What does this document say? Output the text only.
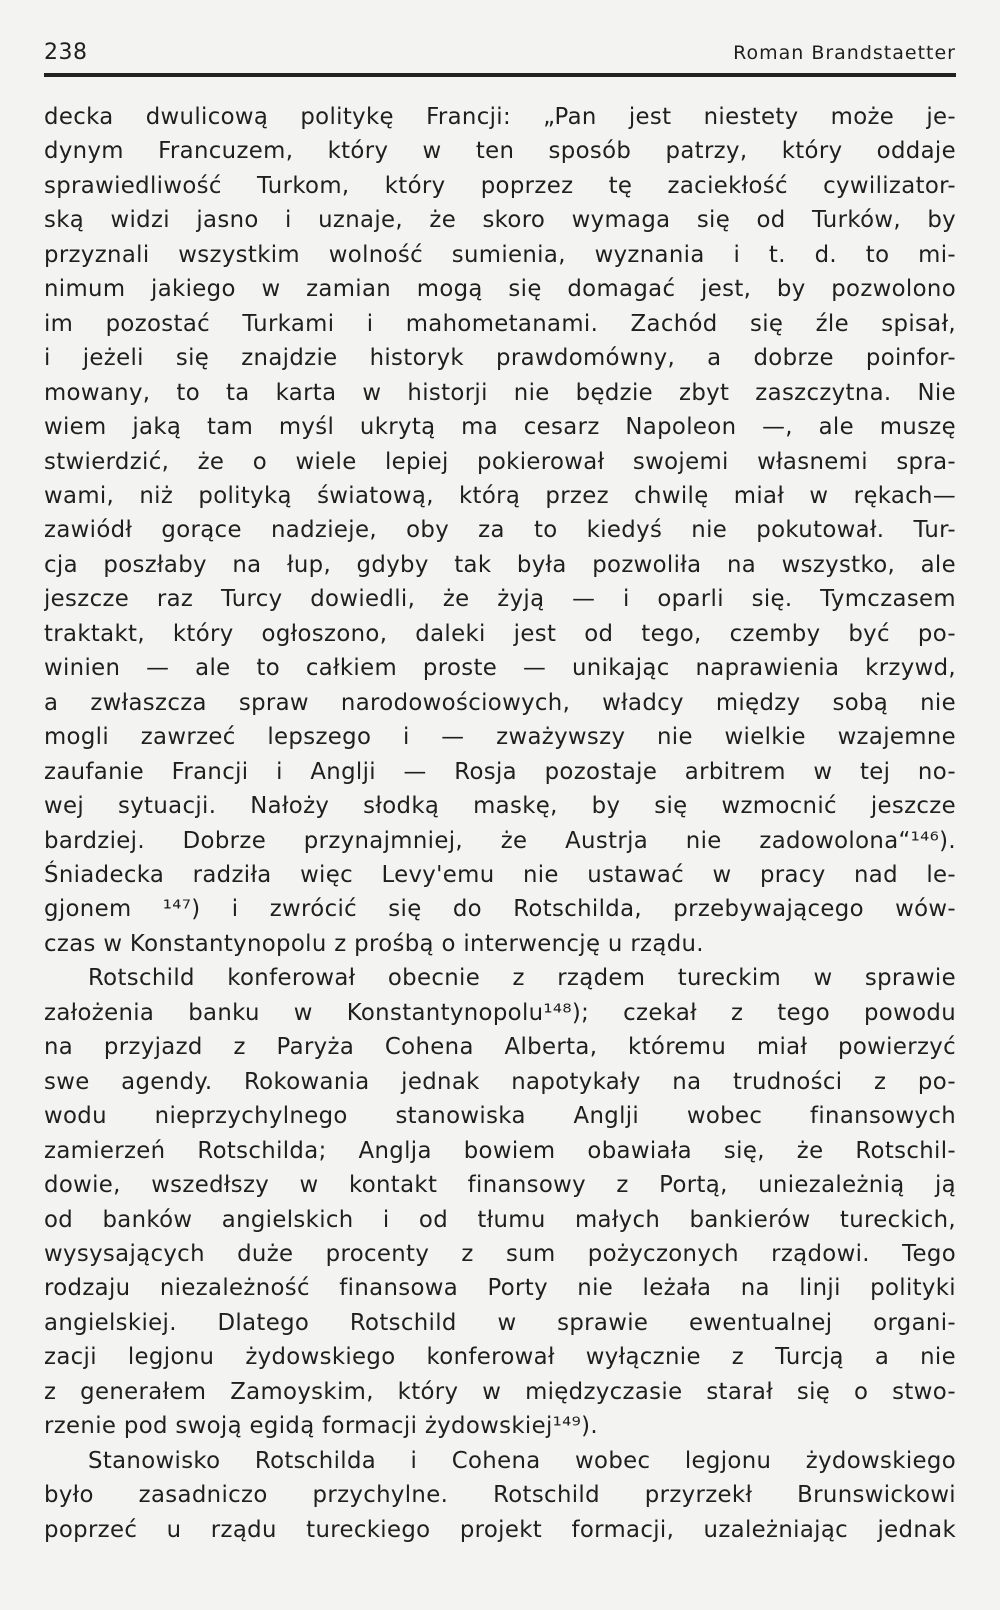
238	Roman Brandstaetter
decka dwulicową politykę Francji: „Pan jest niestety może je-
dynym Francuzem, który w ten sposób patrzy, który oddaje
sprawiedliwość Turkom, który poprzez tę zaciekłość cywilizator-
ską widzi jasno i uznaje, że skoro wymaga się od Turków, by
przyznali wszystkim wolność sumienia, wyznania i t. d. to mi-
nimum jakiego w zamian mogą się domagać jest, by pozwolono
im pozostać Turkami i mahometanami. Zachód się źle spisał,
i jeżeli się znajdzie historyk prawdomówny, a dobrze poinfor-
mowany, to ta karta w historji nie będzie zbyt zaszczytna. Nie
wiem jaką tam myśl ukrytą ma cesarz Napoleon —, ale muszę
stwierdzić, że o wiele lepiej pokierował swojemi własnemi spra-
wami, niż polityką światową, którą przez chwilę miał w rękach—
zawiódł gorące nadzieje, oby za to kiedyś nie pokutował. Tur-
cja poszłaby na łup, gdyby tak była pozwoliła na wszystko, ale
jeszcze raz Turcy dowiedli, że żyją — i oparli się. Tymczasem
traktakt, który ogłoszono, daleki jest od tego, czemby być po-
winien — ale to całkiem proste — unikając naprawienia krzywd,
a zwłaszcza spraw narodowościowych, władcy między sobą nie
mogli zawrzeć lepszego i — zważywszy nie wielkie wzajemne
zaufanie Francji i Anglji — Rosja pozostaje arbitrem w tej no-
wej sytuacji. Nałoży słodką maskę, by się wzmocnić jeszcze
bardziej. Dobrze przynajmniej, że Austrja nie zadowolona“¹⁴⁶).
Śniadecka radziła więc Levy'emu nie ustawać w pracy nad le-
gjonem ¹⁴⁷) i zwrócić się do Rotschilda, przebywającego wów-
czas w Konstantynopolu z prośbą o interwencję u rządu.
Rotschild konferował obecnie z rządem tureckim w sprawie
założenia banku w Konstantynopolu¹⁴⁸); czekał z tego powodu
na przyjazd z Paryża Cohena Alberta, któremu miał powierzyć
swe agendy. Rokowania jednak napotykały na trudności z po-
wodu nieprzychylnego stanowiska Anglji wobec finansowych
zamierzeń Rotschilda; Anglja bowiem obawiała się, że Rotschil-
dowie, wszedłszy w kontakt finansowy z Portą, uniezależnią ją
od banków angielskich i od tłumu małych bankierów tureckich,
wysysających duże procenty z sum pożyczonych rządowi. Tego
rodzaju niezależność finansowa Porty nie leżała na linji polityki
angielskiej. Dlatego Rotschild w sprawie ewentualnej organi-
zacji legjonu żydowskiego konferował wyłącznie z Turcją a nie
z generałem Zamoyskim, który w międzyczasie starał się o stwo-
rzenie pod swoją egidą formacji żydowskiej¹⁴⁹).
Stanowisko Rotschilda i Cohena wobec legjonu żydowskiego
było zasadniczo przychylne. Rotschild przyrzekł Brunswickowi
poprzeć u rządu tureckiego projekt formacji, uzależniając jednak
